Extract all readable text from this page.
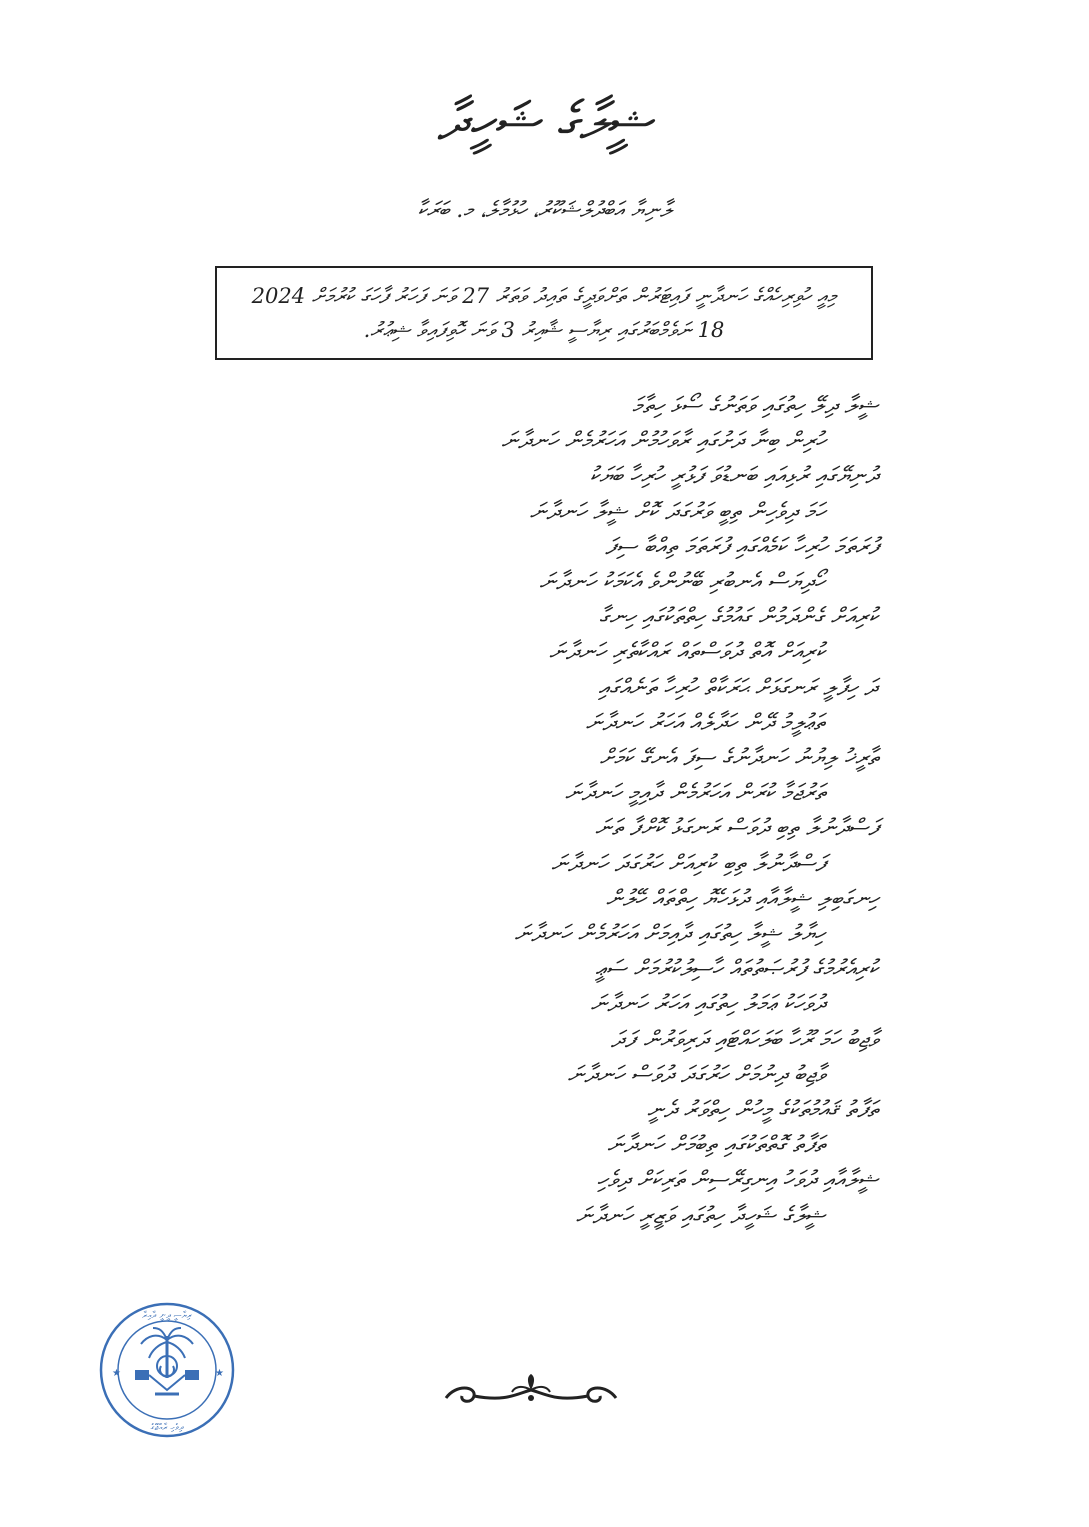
ޝީލާގެ ޝަހީދާ
ލާނިޔާ އަބްދުލްޝަކޫރު، ހުޅުމާލެ، މ. ބަރަކާ
މިއީ ހުވިރިހެއްގެ ހަނދާނީ ފައިޓަރުން ތަށްވަދީގެ ތައިދު ވަތަރު 27 ވަނަ ފަހަރު ފާހަގަ ކުރުމަށް 2024
18 ނަވެމްބަރުގައި ރިޔާސީ ޝާއިރު 3 ވަނަ ހޮވިފައިވާ ޝިޢުރު.
ޝީލާ ދިލޭ ހިތުގައި ވަތަނުގެ ސޯޅަ ހިތާމަ
ހުރިން ބިނާ ދަށުގައި ރާވަހުމުން އަހަރުމެން ހަނދާނަ
ދުނިޔޭގައި ރުޅިއައި ބަނޑުވަ ފަޅުރީ ހުރިހާ ބަޔަކު
ހަމަ ދިވެހިން ތިބީ ވަރުގަދަ ކޮށް ޝީލާ ހަނދާނަ
ފުރަތަމަ ހުރިހާ ކަމެއްގައި ފުރަތަމަ ތިއްބާ ސިފަ
ހޯދިޔަސް އެނބުރި ބޭނުންވެ އެކަމަކު ހަނދާނަ
ކުރިއަށް ގެންދަމުން ގައުމުގެ ހިތްތަކުގައި ހިނގާ
ކުރިއަށް އޮތް ދުވަސްތައް ރައްކާތެރި ހަނދާނަ
ދަ ހިފާލީ ރަނގަޅަށް ޙަރަކާތް ހުރިހާ ތަނެއްގައި
ތަޢުލީމު ދޭން ހަދާލެއް އަހަރު ހަނދާނަ
ތާރީޚު ލިޔުނު ހަނދާނުގެ ސިފަ އެނގޭ ކަމަށް
ތަރުޖަމާ ކުރަން އަހަރުމެން ދާއިމީ ހަނދާނަ
ފަސްދާނުލާ ތިބި ދުވަސް ރަނގަޅު ކޮށްފާ ތަނަ
ފަސްދާނުލާ ތިބި ކުރިއަށް ހަރުގަދަ ހަނދާނަ
ހިނގަބިލި ޝީލާއާއި ދުޅަހެޔޮ ހިތްތައް ހޭލުން
ހިޔާލު ޝީލާ ހިތުގައި ދާއިމަށް އަހަރުމެން ހަނދާނަ
ކުރިއެރުމުގެ ފުރުޞަތުތައް ހާސިލުކުރުމަށް ސަޢީ
ދުވަހަކު ޢަމަލު ހިތުގައި އަހަރު ހަނދާނަ
ވާޖިބު ހަމަ ރޫހާ ބަލަހައްޓައި ދަރިވަރުން ފަދަ
ވާޖިބު ދިނުމަށް ހަރުގަދަ ދުވަސް ހަނދާނަ
ތަފާތު ޤައުމުތަކުގެ މީހުން ހިތްވަރު ދެނީ
ތަފާތު ގޮތްތަކުގައި ތިބުމަށް ހަނދާނަ
ޝީލާއާއި ދުވަހު އިނގިރޭސިން ތަރިކަށް ދިވެހި
ޝީލާގެ ޝަހީދާ ހިތުގައި ވަޒީރީ ހަނދާނަ
★	★
ރިޔާސީ ދީނީ ދާއިރާ
ދިވެހި ރާއްޖޭގެ
